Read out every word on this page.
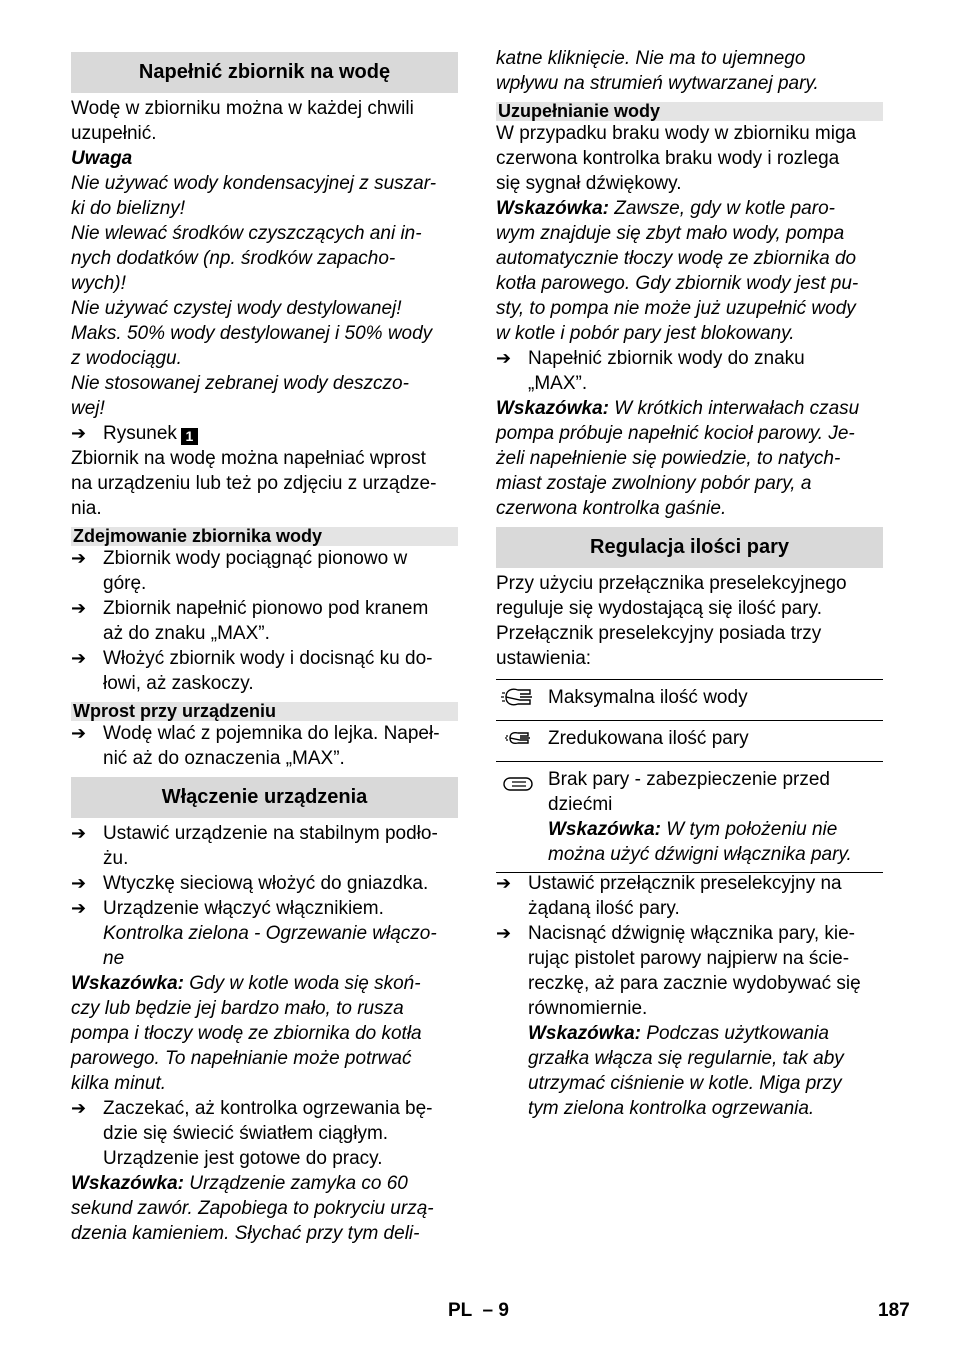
Napełnić zbiornik na wodę
Wodę w zbiorniku można w każdej chwili
uzupełnić.
Uwaga
Nie używać wody kondensacyjnej z suszar-
ki do bielizny!
Nie wlewać środków czyszczących ani in-
nych dodatków (np. środków zapacho-
wych)!
Nie używać czystej wody destylowanej!
Maks. 50% wody destylowanej i 50% wody
z wodociągu.
Nie stosowanej zebranej wody deszczo-
wej!
➔ Rysunek 1
Zbiornik na wodę można napełniać wprost
na urządzeniu lub też po zdjęciu z urządze-
nia.
Zdejmowanie zbiornika wody
➔ Zbiornik wody pociągnąć pionowo w
górę.
➔ Zbiornik napełnić pionowo pod kranem
aż do znaku „MAX”.
➔ Włożyć zbiornik wody i docisnąć ku do-
łowi, aż zaskoczy.
Wprost przy urządzeniu
➔ Wodę wlać z pojemnika do lejka. Napeł-
nić aż do oznaczenia „MAX”.
Włączenie urządzenia
➔ Ustawić urządzenie na stabilnym podło-
żu.
➔ Wtyczkę sieciową włożyć do gniazdka.
➔ Urządzenie włączyć włącznikiem.
Kontrolka zielona - Ogrzewanie włączo-
ne
Wskazówka: Gdy w kotle woda się skoń-
czy lub będzie jej bardzo mało, to rusza
pompa i tłoczy wodę ze zbiornika do kotła
parowego. To napełnianie może potrwać
kilka minut.
➔ Zaczekać, aż kontrolka ogrzewania bę-
dzie się świecić światłem ciągłym.
Urządzenie jest gotowe do pracy.
Wskazówka: Urządzenie zamyka co 60
sekund zawór. Zapobiega to pokryciu urzą-
dzenia kamieniem. Słychać przy tym deli-
katne kliknięcie. Nie ma to ujemnego
wpływu na strumień wytwarzanej pary.
Uzupełnianie wody
W przypadku braku wody w zbiorniku miga
czerwona kontrolka braku wody i rozlega
się sygnał dźwiękowy.
Wskazówka: Zawsze, gdy w kotle paro-
wym znajduje się zbyt mało wody, pompa
automatycznie tłoczy wodę ze zbiornika do
kotła parowego. Gdy zbiornik wody jest pu-
sty, to pompa nie może już uzupełnić wody
w kotle i pobór pary jest blokowany.
➔ Napełnić zbiornik wody do znaku
„MAX”.
Wskazówka: W krótkich interwałach czasu
pompa próbuje napełnić kocioł parowy. Je-
żeli napełnienie się powiedzie, to natych-
miast zostaje zwolniony pobór pary, a
czerwona kontrolka gaśnie.
Regulacja ilości pary
Przy użyciu przełącznika preselekcyjnego
reguluje się wydostającą się ilość pary.
Przełącznik preselekcyjny posiada trzy
ustawienia:
Maksymalna ilość wody
Zredukowana ilość pary
Brak pary - zabezpieczenie przed
dziećmi
Wskazówka: W tym położeniu nie
można użyć dźwigni włącznika pary.
➔ Ustawić przełącznik preselekcyjny na
żądaną ilość pary.
➔ Nacisnąć dźwignię włącznika pary, kie-
rując pistolet parowy najpierw na ście-
reczkę, aż para zacznie wydobywać się
równomiernie.
Wskazówka: Podczas użytkowania
grzałka włącza się regularnie, tak aby
utrzymać ciśnienie w kotle. Miga przy
tym zielona kontrolka ogrzewania.
PL  – 9	187
